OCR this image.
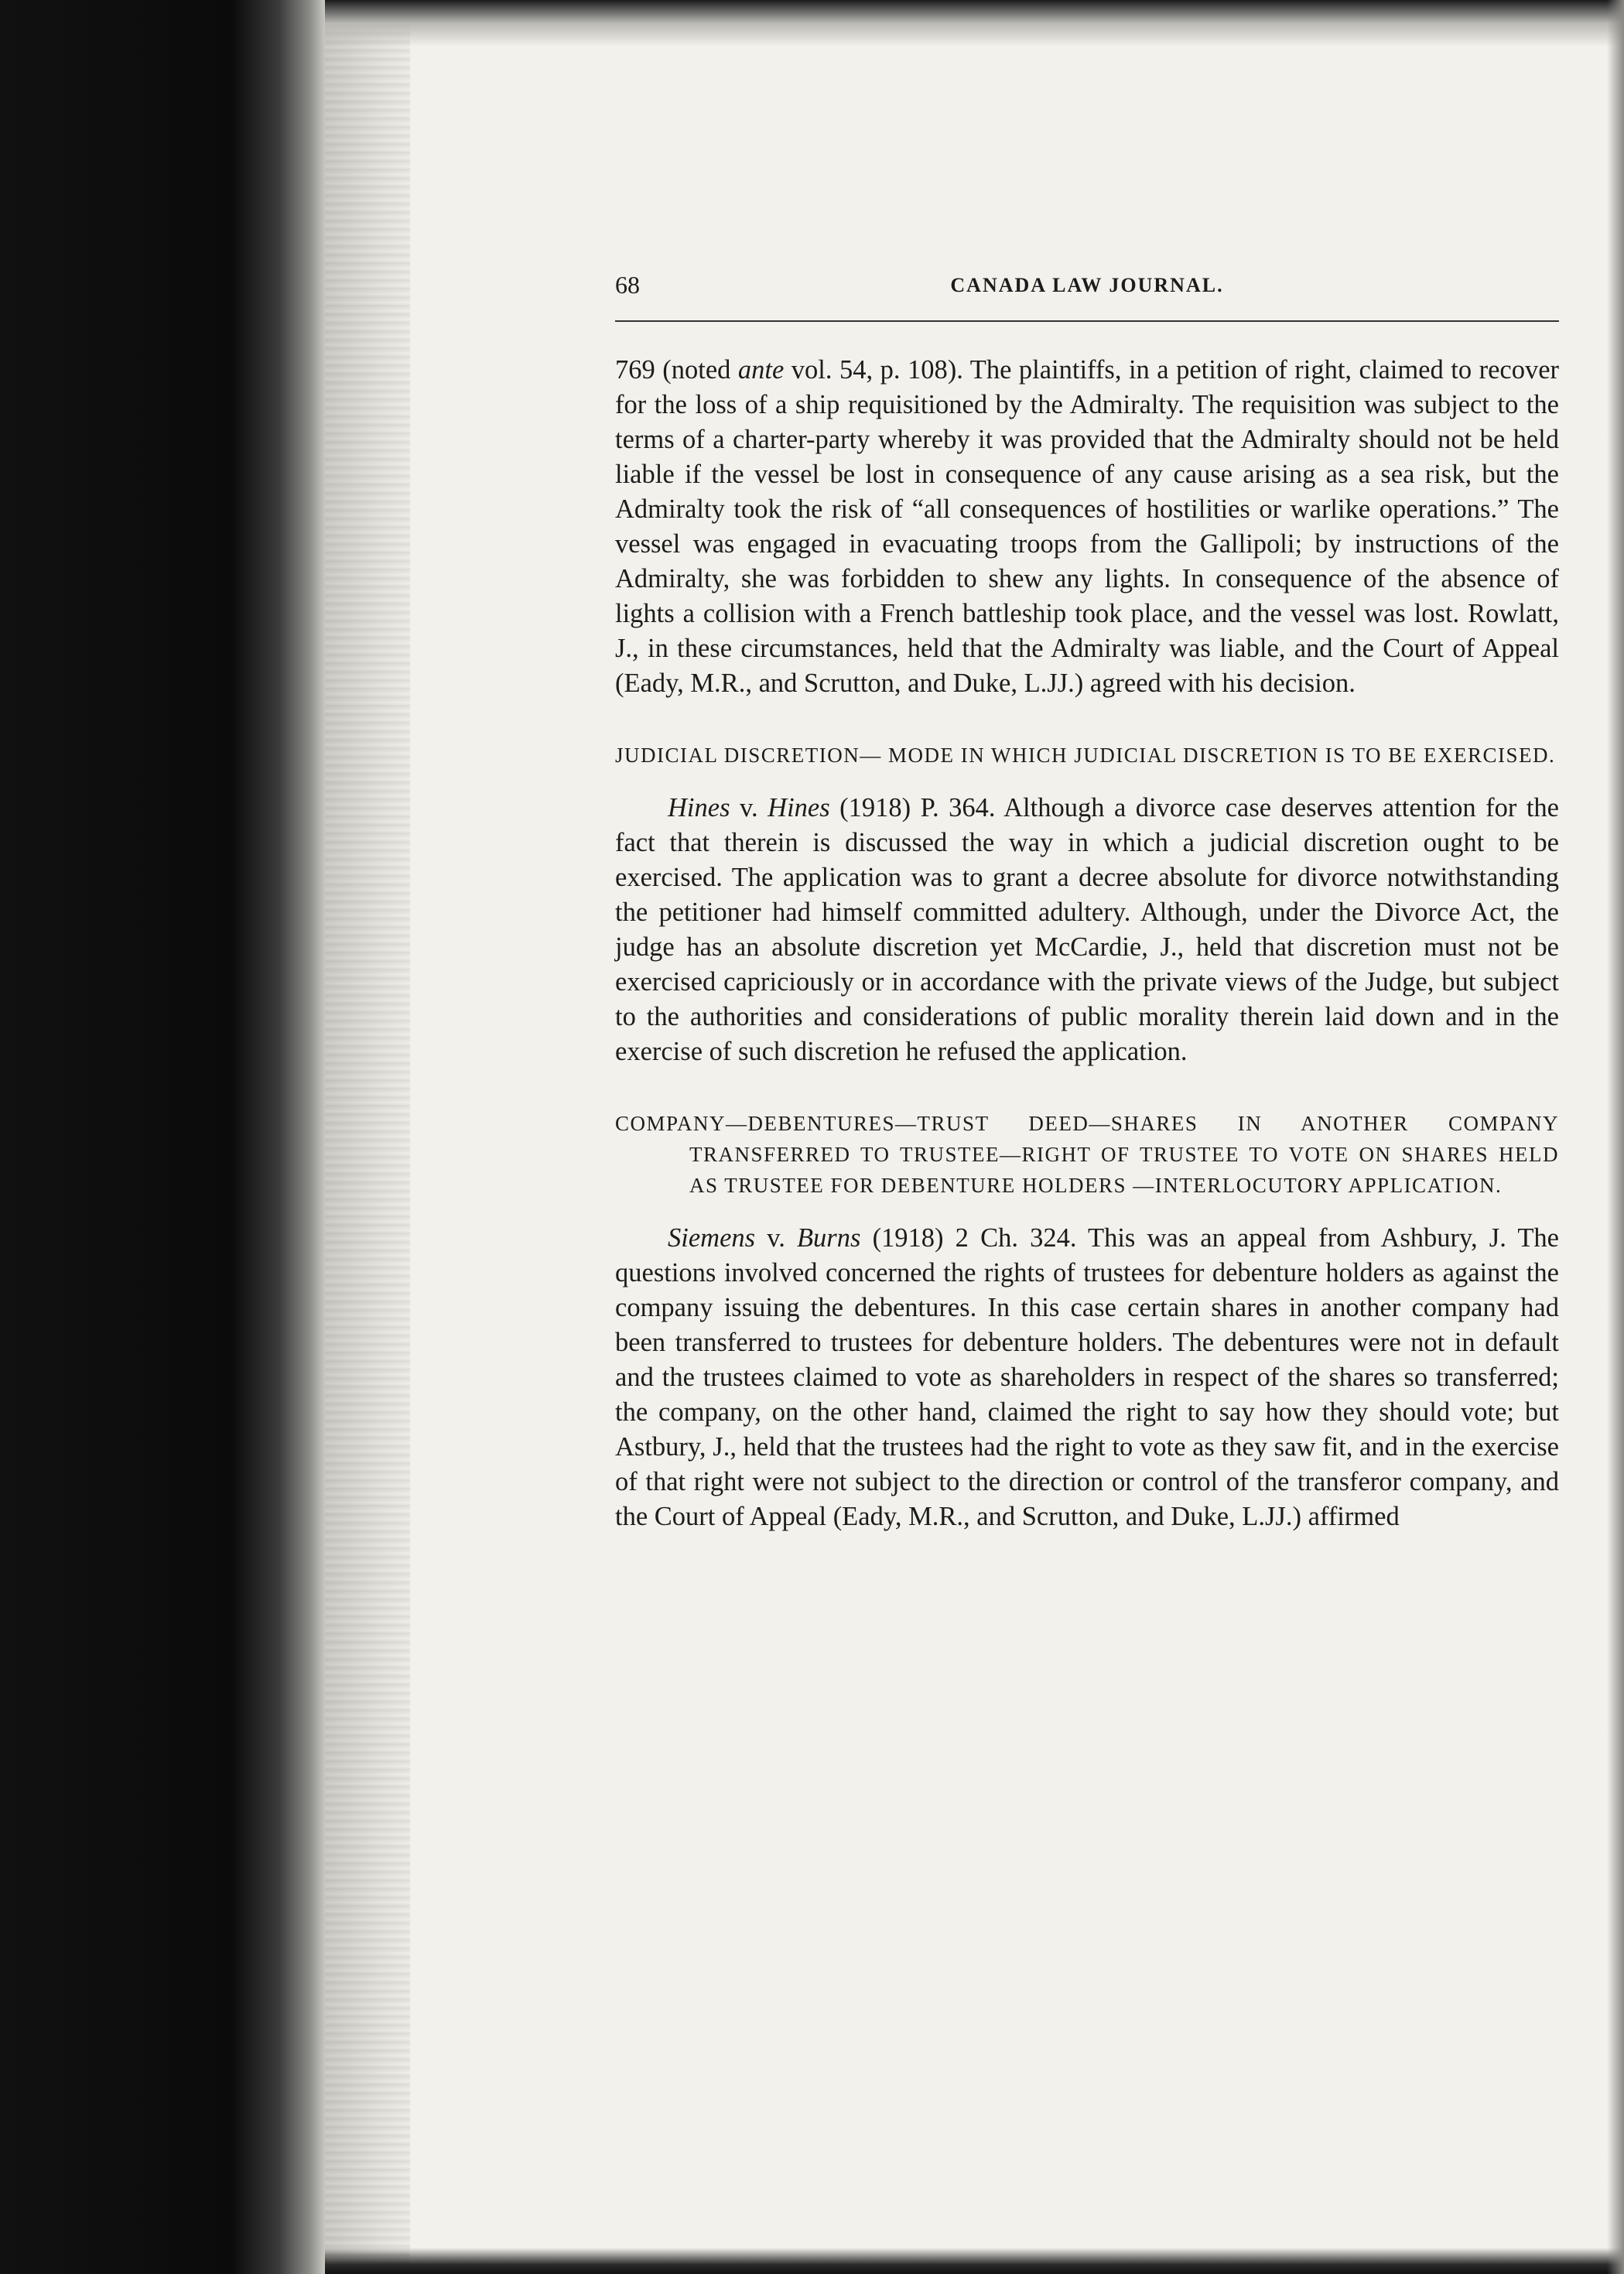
68	CANADA LAW JOURNAL.

769 (noted ante vol. 54, p. 108). The plaintiffs, in a petition of right, claimed to recover for the loss of a ship requisitioned by the Admiralty. The requisition was subject to the terms of a charter-party whereby it was provided that the Admiralty should not be held liable if the vessel be lost in consequence of any cause arising as a sea risk, but the Admiralty took the risk of “all consequences of hostilities or warlike operations.” The vessel was engaged in evacuating troops from the Gallipoli; by instructions of the Admiralty, she was forbidden to shew any lights. In consequence of the absence of lights a collision with a French battleship took place, and the vessel was lost. Rowlatt, J., in these circumstances, held that the Admiralty was liable, and the Court of Appeal (Eady, M.R., and Scrutton, and Duke, L.JJ.) agreed with his decision.

JUDICIAL DISCRETION— MODE IN WHICH JUDICIAL DISCRETION IS TO BE EXERCISED.

Hines v. Hines (1918) P. 364. Although a divorce case deserves attention for the fact that therein is discussed the way in which a judicial discretion ought to be exercised. The application was to grant a decree absolute for divorce notwithstanding the petitioner had himself committed adultery. Although, under the Divorce Act, the judge has an absolute discretion yet McCardie, J., held that discretion must not be exercised capriciously or in accordance with the private views of the Judge, but subject to the authorities and considerations of public morality therein laid down and in the exercise of such discretion he refused the application.

COMPANY—DEBENTURES—TRUST DEED—SHARES IN ANOTHER COMPANY TRANSFERRED TO TRUSTEE—RIGHT OF TRUSTEE TO VOTE ON SHARES HELD AS TRUSTEE FOR DEBENTURE HOLDERS —INTERLOCUTORY APPLICATION.

Siemens v. Burns (1918) 2 Ch. 324. This was an appeal from Ashbury, J. The questions involved concerned the rights of trustees for debenture holders as against the company issuing the debentures. In this case certain shares in another company had been transferred to trustees for debenture holders. The debentures were not in default and the trustees claimed to vote as shareholders in respect of the shares so transferred; the company, on the other hand, claimed the right to say how they should vote; but Astbury, J., held that the trustees had the right to vote as they saw fit, and in the exercise of that right were not subject to the direction or control of the transferor company, and the Court of Appeal (Eady, M.R., and Scrutton, and Duke, L.JJ.) affirmed
